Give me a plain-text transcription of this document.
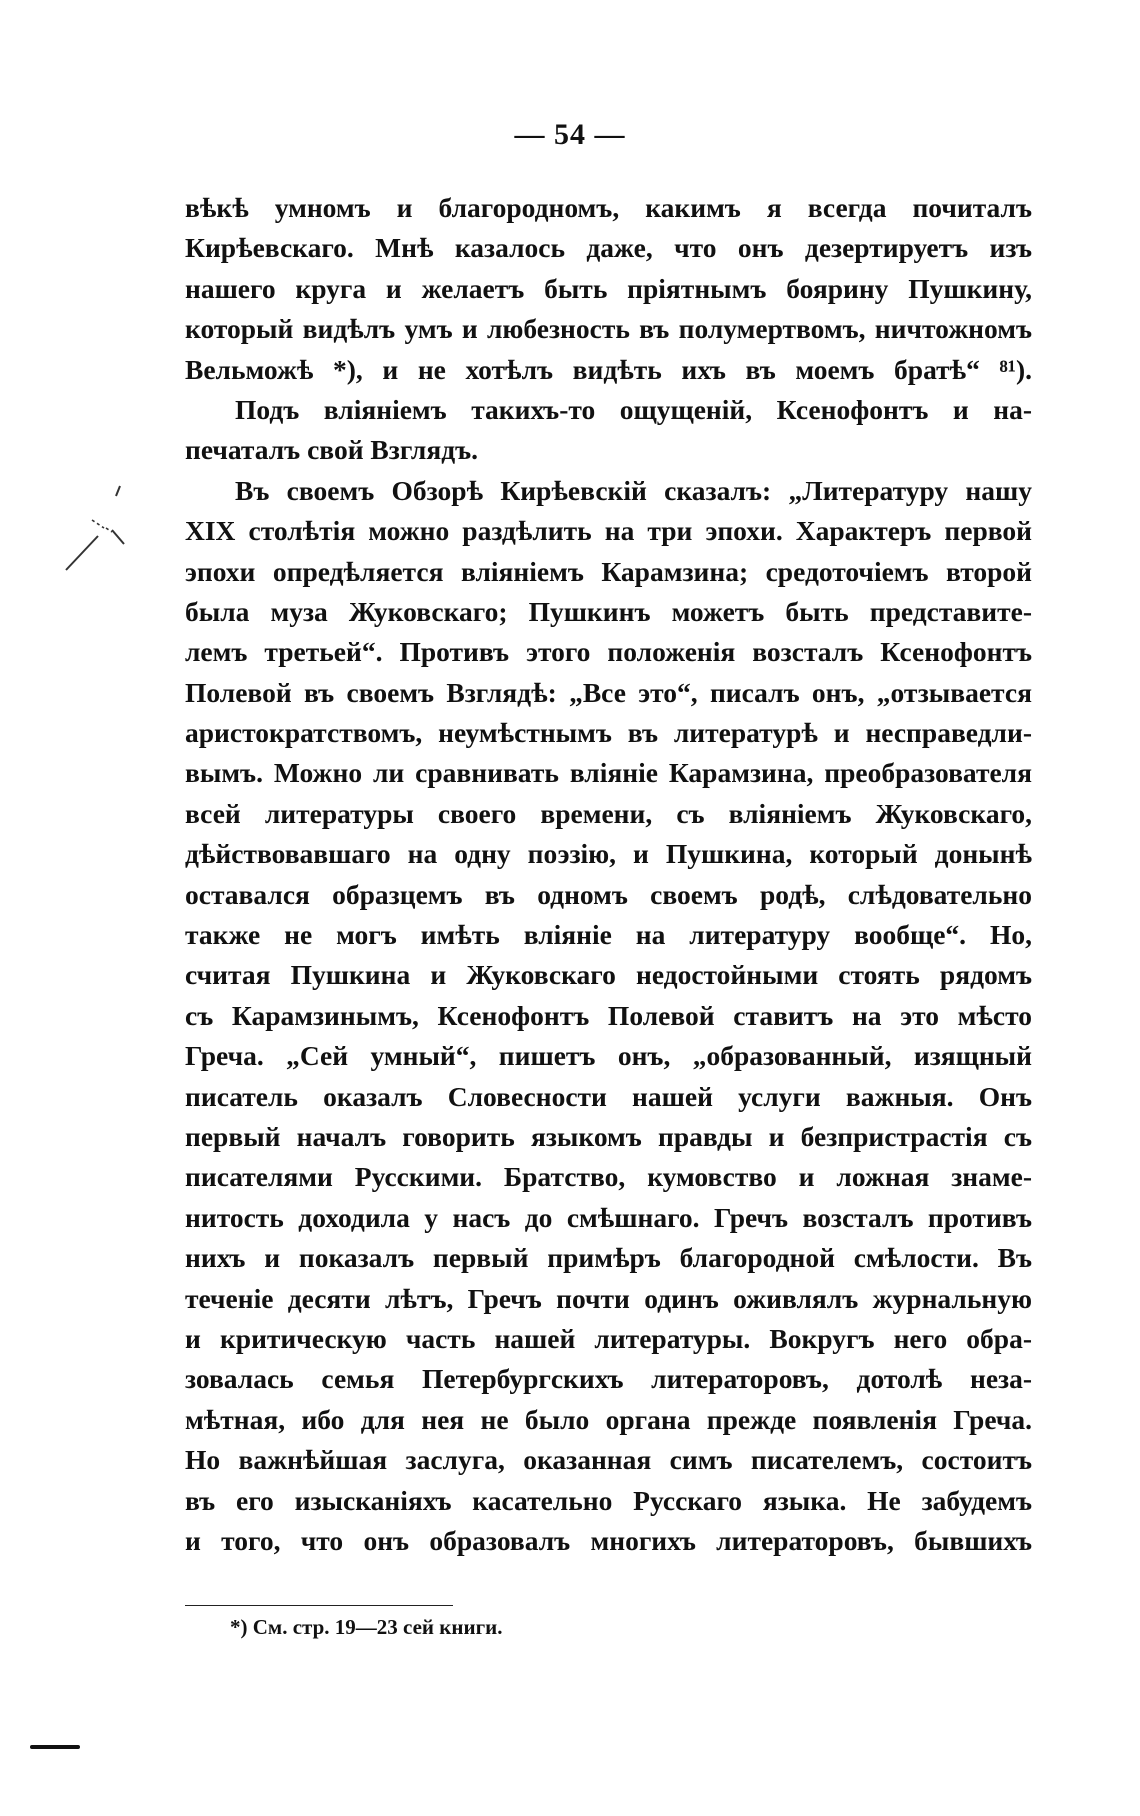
— 54 —
вѣкѣ умномъ и благородномъ, какимъ я всегда почиталъ
Кирѣевскаго. Мнѣ казалось даже, что онъ дезертируетъ изъ
нашего круга и желаетъ быть пріятнымъ боярину Пушкину,
который видѣлъ умъ и любезность въ полумертвомъ, ничтожномъ
Вельможѣ *), и не хотѣлъ видѣть ихъ въ моемъ братѣ“ ⁸¹).
Подъ вліяніемъ такихъ-то ощущеній, Ксенофонтъ и на-
печаталъ свой Взглядъ.
Въ своемъ Обзорѣ Кирѣевскій сказалъ: „Литературу нашу
XIX столѣтія можно раздѣлить на три эпохи. Характеръ первой
эпохи опредѣляется вліяніемъ Карамзина; средоточіемъ второй
была муза Жуковскаго; Пушкинъ можетъ быть представите-
лемъ третьей“. Противъ этого положенія возсталъ Ксенофонтъ
Полевой въ своемъ Взглядѣ: „Все это“, писалъ онъ, „отзывается
аристократствомъ, неумѣстнымъ въ литературѣ и несправедли-
вымъ. Можно ли сравнивать вліяніе Карамзина, преобразователя
всей литературы своего времени, съ вліяніемъ Жуковскаго,
дѣйствовавшаго на одну поэзію, и Пушкина, который донынѣ
оставался образцемъ въ одномъ своемъ родѣ, слѣдовательно
также не могъ имѣть вліяніе на литературу вообще“. Но,
считая Пушкина и Жуковскаго недостойными стоять рядомъ
съ Карамзинымъ, Ксенофонтъ Полевой ставитъ на это мѣсто
Греча. „Сей умный“, пишетъ онъ, „образованный, изящный
писатель оказалъ Словесности нашей услуги важныя. Онъ
первый началъ говорить языкомъ правды и безпристрастія съ
писателями Русскими. Братство, кумовство и ложная знаме-
нитость доходила у насъ до смѣшнаго. Гречъ возсталъ противъ
нихъ и показалъ первый примѣръ благородной смѣлости. Въ
теченіе десяти лѣтъ, Гречъ почти одинъ оживлялъ журнальную
и критическую часть нашей литературы. Вокругъ него обра-
зовалась семья Петербургскихъ литераторовъ, дотолѣ неза-
мѣтная, ибо для нея не было органа прежде появленія Греча.
Но важнѣйшая заслуга, оказанная симъ писателемъ, состоитъ
въ его изысканіяхъ касательно Русскаго языка. Не забудемъ
и того, что онъ образовалъ многихъ литераторовъ, бывшихъ
*) См. стр. 19—23 сей книги.
